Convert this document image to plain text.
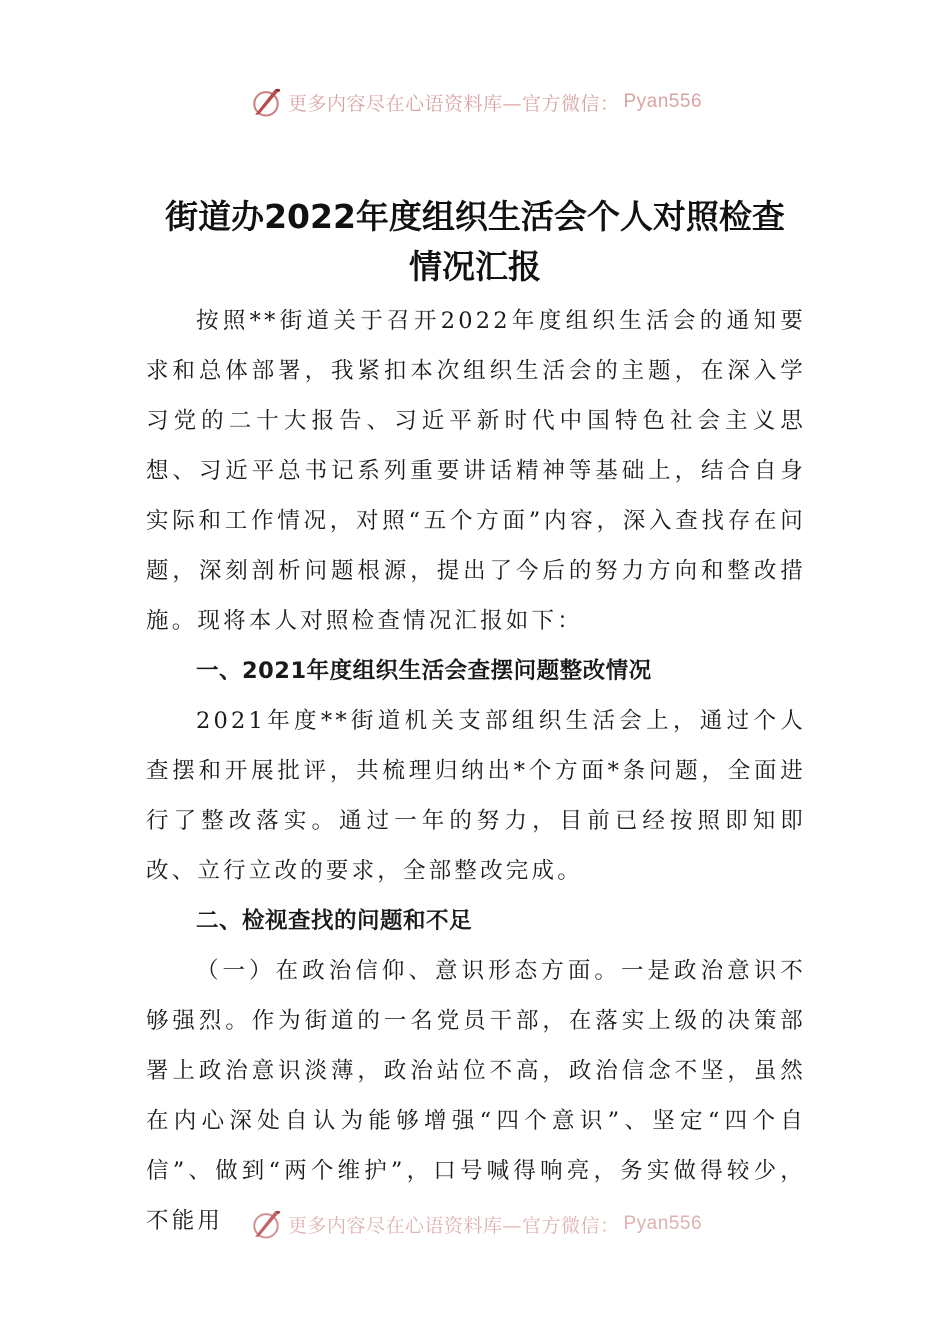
更多内容尽在心语资料库—官方微信： Pyan556
街道办2022年度组织生活会个人对照检查
情况汇报

按照**街道关于召开2022年度组织生活会的通知要求和总体部署，我紧扣本次组织生活会的主题，在深入学习党的二十大报告、习近平新时代中国特色社会主义思想、习近平总书记系列重要讲话精神等基础上，结合自身实际和工作情况，对照“五个方面”内容，深入查找存在问题，深刻剖析问题根源，提出了今后的努力方向和整改措施。现将本人对照检查情况汇报如下：

一、2021年度组织生活会查摆问题整改情况

2021年度**街道机关支部组织生活会上，通过个人查摆和开展批评，共梳理归纳出*个方面*条问题，全面进行了整改落实。通过一年的努力，目前已经按照即知即改、立行立改的要求，全部整改完成。

二、检视查找的问题和不足

（一）在政治信仰、意识形态方面。一是政治意识不够强烈。作为街道的一名党员干部，在落实上级的决策部署上政治意识淡薄，政治站位不高，政治信念不坚，虽然在内心深处自认为能够增强“四个意识”、坚定“四个自信”、做到“两个维护”，口号喊得响亮，务实做得较少，不能用	更多内容尽在心语资料库—官方微信： Pyan556
